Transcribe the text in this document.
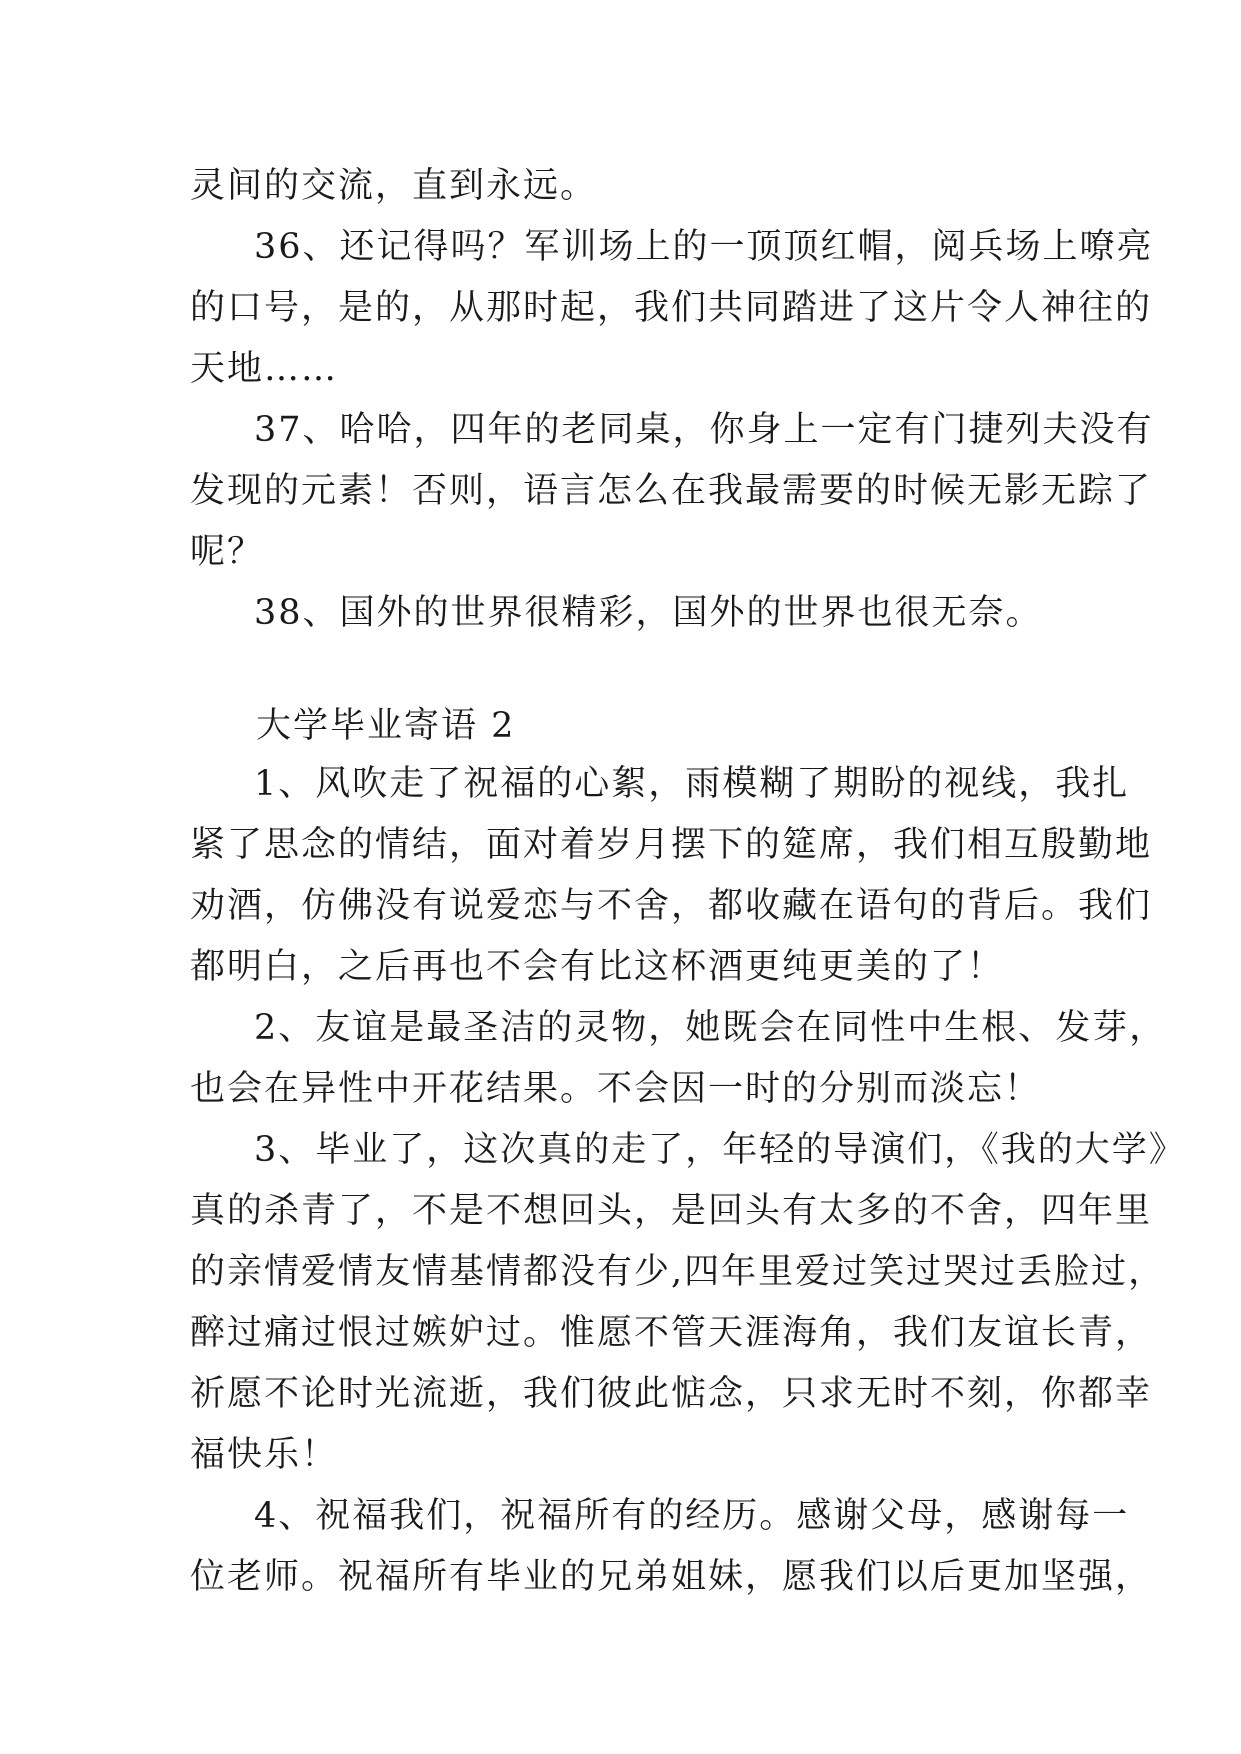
灵间的交流，直到永远。
36、还记得吗？军训场上的一顶顶红帽，阅兵场上嘹亮
的口号，是的，从那时起，我们共同踏进了这片令人神往的
天地……
37、哈哈，四年的老同桌，你身上一定有门捷列夫没有
发现的元素！否则，语言怎么在我最需要的时候无影无踪了
呢？
38、国外的世界很精彩，国外的世界也很无奈。
大学毕业寄语 2
1、风吹走了祝福的心絮，雨模糊了期盼的视线，我扎
紧了思念的情结，面对着岁月摆下的筵席，我们相互殷勤地
劝酒，仿佛没有说爱恋与不舍，都收藏在语句的背后。我们
都明白，之后再也不会有比这杯酒更纯更美的了！
2、友谊是最圣洁的灵物，她既会在同性中生根、发芽，
也会在异性中开花结果。不会因一时的分别而淡忘！
3、毕业了，这次真的走了，年轻的导演们，《我的大学》
真的杀青了，不是不想回头，是回头有太多的不舍，四年里
的亲情爱情友情基情都没有少,四年里爱过笑过哭过丢脸过，
醉过痛过恨过嫉妒过。惟愿不管天涯海角，我们友谊长青，
祈愿不论时光流逝，我们彼此惦念，只求无时不刻，你都幸
福快乐！
4、祝福我们，祝福所有的经历。感谢父母，感谢每一
位老师。祝福所有毕业的兄弟姐妹，愿我们以后更加坚强，
